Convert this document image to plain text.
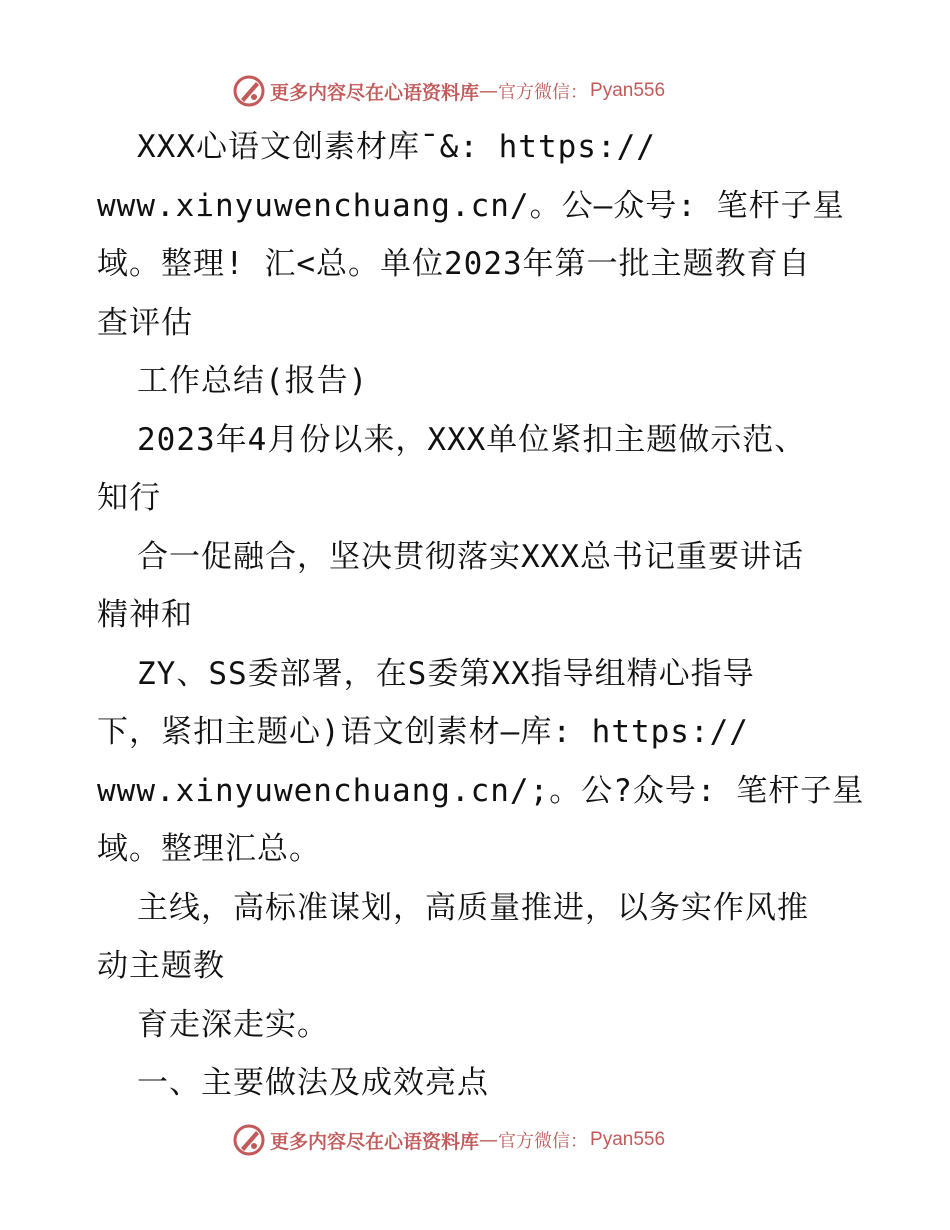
更多内容尽在心语资料库 — 官方微信： Pyan556
XXX心语文创素材库¯&: https://
www.xinyuwenchuang.cn/。公—众号: 笔杆子星
域。整理! 汇<总。单位2023年第一批主题教育自
查评估
工作总结(报告)
2023年4月份以来，XXX单位紧扣主题做示范、
知行
合一促融合，坚决贯彻落实XXX总书记重要讲话
精神和
ZY、SS委部署，在S委第XX指导组精心指导
下，紧扣主题心)语文创素材—库: https://
www.xinyuwenchuang.cn/;。公?众号: 笔杆子星
域。整理汇总。
主线，高标准谋划，高质量推进，以务实作风推
动主题教
育走深走实。
一、主要做法及成效亮点
更多内容尽在心语资料库 — 官方微信： Pyan556
